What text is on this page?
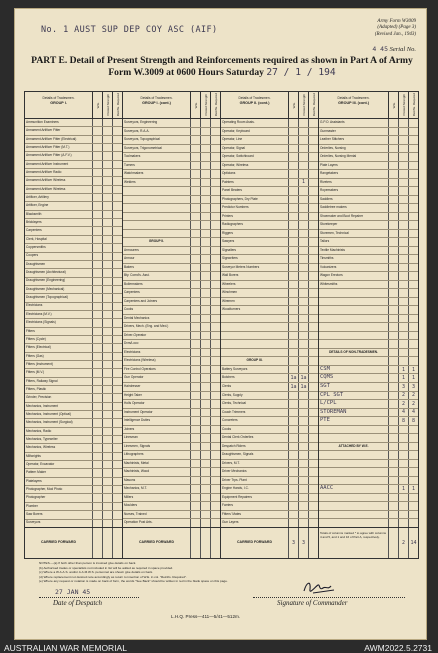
No. 1 AUST SUP DEP COY ASC (AIF)
Army Form W3009
(Adapted) (Page 3)
(Revised Jan., 1943)
4 45 Serial No.
PART E. Detail of Present Strength and Reinforcements required as shown in Part A of Army Form W.3009 at 0600 Hours Saturday 27 / 1 / 194
Details of Tradesmen.
GROUP I.	W.E. Posted Strength Reinfts. Required
Ammunition Examiners
Armament Artificer Fitter
Armament Artificer Fitter (Electrical)
Armament Artificer Fitter (M.T.)
Armament Artificer Fitter (A.F.V.)
Armament Artificer Instrument
Armament Artificer Radio
Armament Artificer Wireless
Armament Artificer Wireless
Artificer, Artillery
Artificer, Engine
Blacksmith
Bricklayers
Carpenters
Clerk, Hospital
Coppersmiths
Coopers
Draughtsmen
Draughtsmen (Architectural)
Draughtsmen (Engineering)
Draughtsmen (Mechanical)
Draughtsmen (Topographical)
Electricians
Electricians (M.V.)
Electricians (Signals)
Fitters
Fitters (Cycle)
Fitters (Electrical)
Fitters (Gas)
Fitters (Instrument)
Fitters (M.V.)
Fitters, Railway Signal
Fitters, Plastic
Grinder, Precision
Mechanics, Instrument
Mechanics, Instrument (Optical)
Mechanics, Instrument (Surgical)
Mechanics, Radio
Mechanics, Typewriter
Mechanics, Wireless
Millwrights
Operator, Excavator
Pattern Maker
Platelayers
Photographer, Mod Photo
Photographer
Plumber
Saw Borers
Surveyors
CARRIED FORWARD
Details of Tradesmen.
GROUP I. (cont.)	W.E. Posted Strength Reinfts. Required
Surveyors, Engineering
Surveyors, R.A.A.
Surveyors, Topographical
Surveyors, Trigonometrical
Toolmakers
Turners
Watchmakers
Welders
GROUP II.
Armourers
Armour
Bakers
Bty. Comd's. Asst.
Boilermakers
Carpenters
Carpenters and Joiners
Cooks
Dental Mechanics
Drivers, Mech. (Eng. and Med.)
Driver-Operator
Dvrs/Loco
Electricians
Electricians (Wireless)
Fire Control Operators
Gun Operator
Hairdresser
Height Taker
Holls Operator
Instrument Operator
Intelligence Duties
Joiners
Linesman
Linesmen, Signals
Lithographers
Machinists, Metal
Machinists, Wood
Masons
Mechanics, M.T.
Millers
Moulders
Nurses, Trained
Operation Post Arts.
CARRIED FORWARD
Details of Tradesmen.
GROUP II. (cont.)	W.E. Posted Strength Reinfts. Required
Operating Room Assts.
Operator, Keyboard
Operator, Line
Operator, Signal
Operator, Switchboard
Operator, Wireless
Opticians
Painters	1
Panel Beaters
Photographers, Dry Plate
Predictor Numbers
Printers
Radiographers
Riggers
Sawyers
Signallers
Signwriters
Surveyor Meters Numbers
Wall Borers
Wheelers
Winchmen
Wiremen
Woodturners
GROUP III.
Battery Surveyors
Butchers	1a 1a
Clerks	1a 1a
Clerks, Supply
Clerks, Technical
Coach Trimmers
Concreters
Cooks
Dental Clerk Orderlies
Despatch Riders
Draughtsmen, Signals
Drivers, M.T.
Driver Mechanics
Driver Trps. Plant
Engine Hands, I.C.
Equipment Repairers
Farriers
Fitters' Mates
Gun Layers
CARRIED FORWARD	3	3
Details of Tradesmen.
GROUP III. (cont.)	W.E. Posted Strength Reinfts. Required
G.P.O. Assistants
Gunmaster
Leather Stitchers
Orderlies, Nursing
Orderlies, Nursing Mental
Plate Layers
Rangetakers
Riveters
Ropemakers
Saddlers
Saddletree makers
Shoemaker and Boot Repairer
Storekeeper
Storemen, Technical
Tailors
Textile Machinists
Tinsmiths
Vulcanizers
Wagon Erectors
Whitesmiths
DETAILS OF NON-TRADESMEN.
CSM	1	1
CQMS	1	1
SGT	3	3
CPL SGT	2	2
L/CPL	2	2
STOREMAN	4	4
PTE	8	8
ATTACHED BY W.E.
AACC	1	1
Totals of columns marked * to agree with columns 4 and 5, and 1 and 16 of Part A, respectively.
2	14
NOTES.—(a) If both other than person is involved give details on back.
(b) Authorised trades or specialists not included in list will be added as required in space provided.
(c) Where a W.A.A.S. and/or A.A.M.W.S. personnel are shown give details on back.
(d) Where replacement not desired note accordingly as return to insertion of W.E. in col. "Reinfts. Required".
(e) Where any request or notation is made on back of form, the words "See Back" should be written in red in the blank space on this page.
27 JAN 45
Date of Despatch	Signature of Commander
L.H.Q. Press—411—5/41—512m.
AUSTRALIAN WAR MEMORIAL	AWM2022.5.2731
